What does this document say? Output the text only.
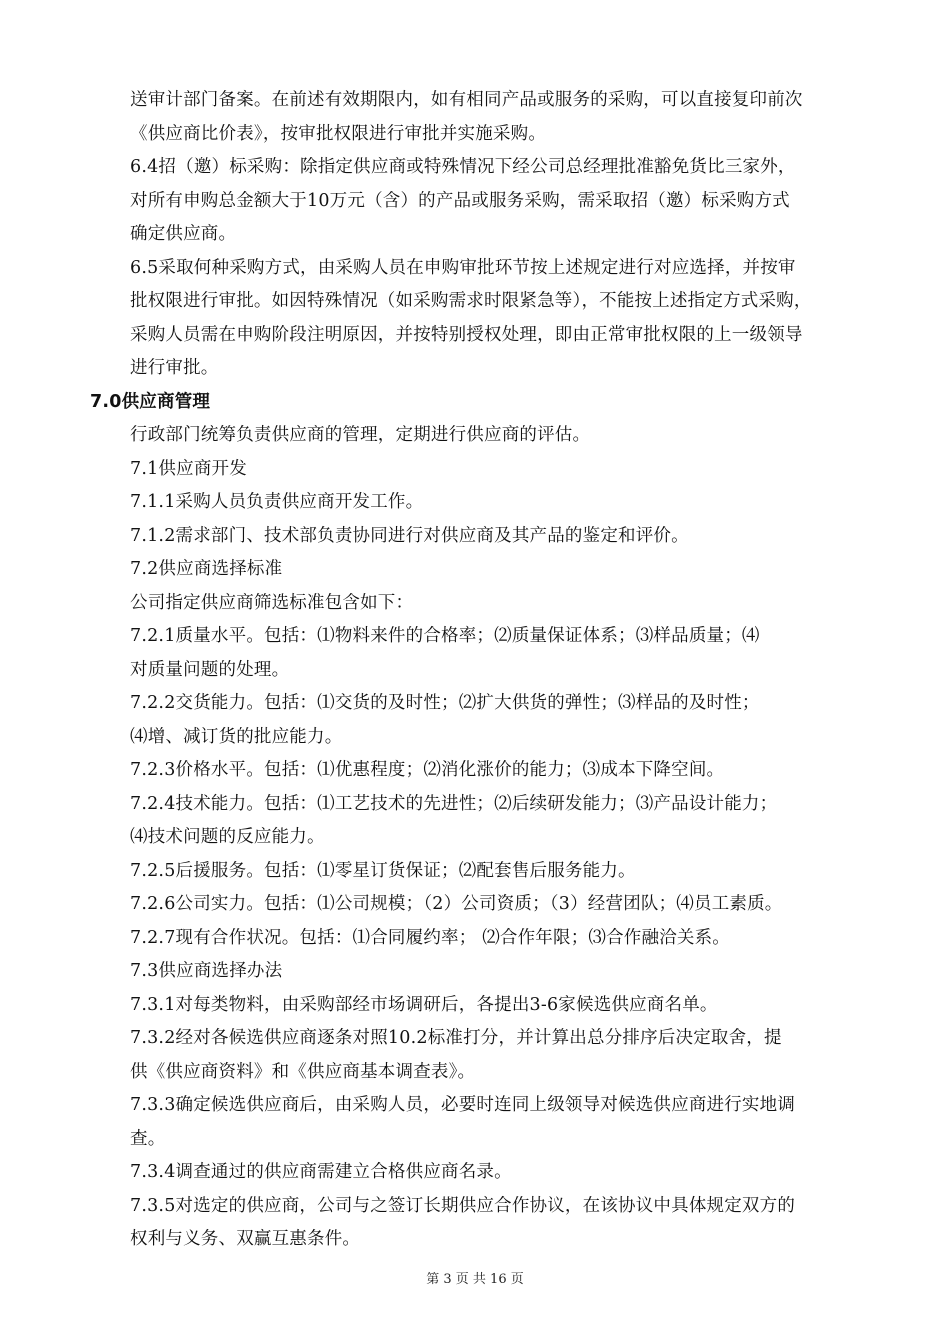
送审计部门备案。在前述有效期限内，如有相同产品或服务的采购，可以直接复印前次
《供应商比价表》，按审批权限进行审批并实施采购。
6.4招（邀）标采购：除指定供应商或特殊情况下经公司总经理批准豁免货比三家外，
对所有申购总金额大于10万元（含）的产品或服务采购，需采取招（邀）标采购方式
确定供应商。
6.5采取何种采购方式，由采购人员在申购审批环节按上述规定进行对应选择，并按审
批权限进行审批。如因特殊情况（如采购需求时限紧急等），不能按上述指定方式采购，
采购人员需在申购阶段注明原因，并按特别授权处理，即由正常审批权限的上一级领导
进行审批。
7.0供应商管理
行政部门统筹负责供应商的管理，定期进行供应商的评估。
7.1供应商开发
7.1.1采购人员负责供应商开发工作。
7.1.2需求部门、技术部负责协同进行对供应商及其产品的鉴定和评价。
7.2供应商选择标准
公司指定供应商筛选标准包含如下：
7.2.1质量水平。包括：⑴物料来件的合格率；⑵质量保证体系；⑶样品质量；⑷
对质量问题的处理。
7.2.2交货能力。包括：⑴交货的及时性；⑵扩大供货的弹性；⑶样品的及时性；
⑷增、减订货的批应能力。
7.2.3价格水平。包括：⑴优惠程度；⑵消化涨价的能力；⑶成本下降空间。
7.2.4技术能力。包括：⑴工艺技术的先进性；⑵后续研发能力；⑶产品设计能力；
⑷技术问题的反应能力。
7.2.5后援服务。包括：⑴零星订货保证；⑵配套售后服务能力。
7.2.6公司实力。包括：⑴公司规模；（2）公司资质；（3）经营团队；⑷员工素质。
7.2.7现有合作状况。包括：⑴合同履约率； ⑵合作年限；⑶合作融洽关系。
7.3供应商选择办法
7.3.1对每类物料，由采购部经市场调研后，各提出3-6家候选供应商名单。
7.3.2经对各候选供应商逐条对照10.2标准打分，并计算出总分排序后决定取舍，提
供《供应商资料》和《供应商基本调查表》。
7.3.3确定候选供应商后，由采购人员，必要时连同上级领导对候选供应商进行实地调
查。
7.3.4调查通过的供应商需建立合格供应商名录。
7.3.5对选定的供应商，公司与之签订长期供应合作协议，在该协议中具体规定双方的
权利与义务、双赢互惠条件。
第 3 页 共 16 页
